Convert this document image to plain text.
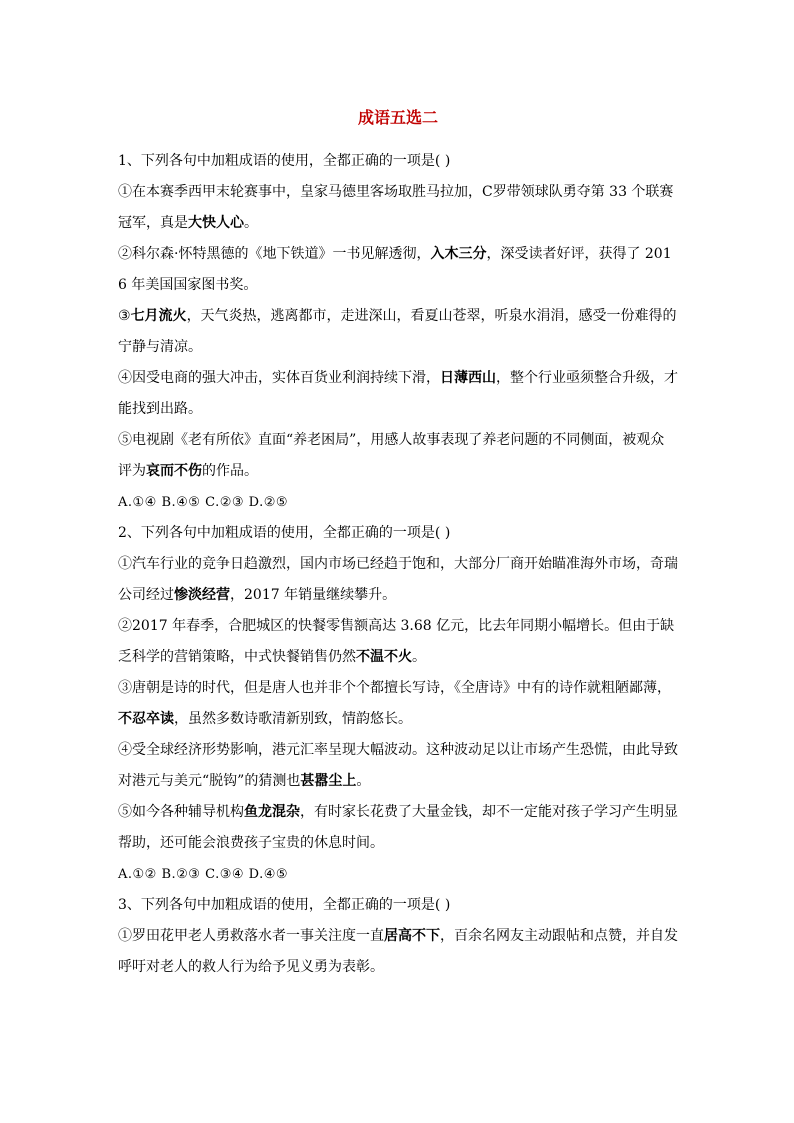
成语五选二

1、下列各句中加粗成语的使用，全都正确的一项是( )

①在本赛季西甲末轮赛事中，皇家马德里客场取胜马拉加，C罗带领球队勇夺第 33 个联赛冠军，真是大快人心。

②科尔森·怀特黑德的《地下铁道》一书见解透彻，入木三分，深受读者好评，获得了 2016 年美国国家图书奖。

③七月流火，天气炎热，逃离都市，走进深山，看夏山苍翠，听泉水涓涓，感受一份难得的宁静与清凉。

④因受电商的强大冲击，实体百货业利润持续下滑，日薄西山，整个行业亟须整合升级，才能找到出路。

⑤电视剧《老有所依》直面“养老困局”，用感人故事表现了养老问题的不同侧面，被观众评为哀而不伤的作品。

A.①④ B.④⑤ C.②③ D.②⑤

2、下列各句中加粗成语的使用，全都正确的一项是( )

①汽车行业的竞争日趋激烈，国内市场已经趋于饱和，大部分厂商开始瞄准海外市场，奇瑞公司经过惨淡经营，2017 年销量继续攀升。

②2017 年春季，合肥城区的快餐零售额高达 3.68 亿元，比去年同期小幅增长。但由于缺乏科学的营销策略，中式快餐销售仍然不温不火。

③唐朝是诗的时代，但是唐人也并非个个都擅长写诗，《全唐诗》中有的诗作就粗陋鄙薄，不忍卒读，虽然多数诗歌清新别致，情韵悠长。

④受全球经济形势影响，港元汇率呈现大幅波动。这种波动足以让市场产生恐慌，由此导致对港元与美元“脱钩”的猜测也甚嚣尘上。

⑤如今各种辅导机构鱼龙混杂，有时家长花费了大量金钱，却不一定能对孩子学习产生明显帮助，还可能会浪费孩子宝贵的休息时间。

A.①② B.②③ C.③④ D.④⑤

3、下列各句中加粗成语的使用，全都正确的一项是( )

①罗田花甲老人勇救落水者一事关注度一直居高不下，百余名网友主动跟帖和点赞，并自发呼吁对老人的救人行为给予见义勇为表彰。
